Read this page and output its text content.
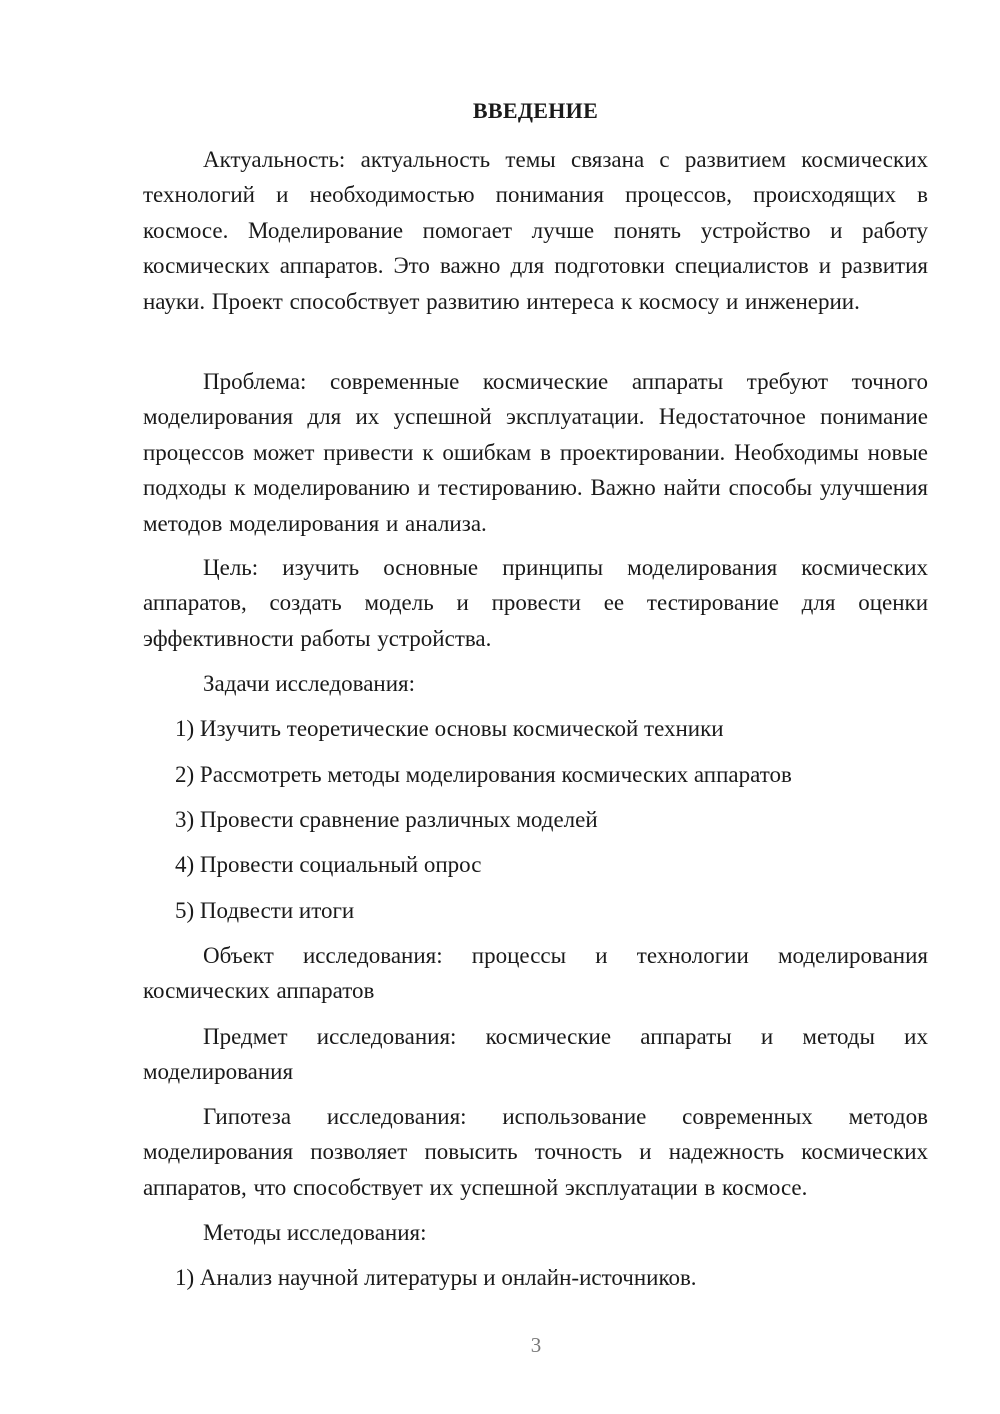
ВВЕДЕНИЕ

Актуальность: актуальность темы связана с развитием космических технологий и необходимостью понимания процессов, происходящих в космосе. Моделирование помогает лучше понять устройство и работу космических аппаратов. Это важно для подготовки специалистов и развития науки. Проект способствует развитию интереса к космосу и инженерии.

Проблема: современные космические аппараты требуют точного моделирования для их успешной эксплуатации. Недостаточное понимание процессов может привести к ошибкам в проектировании. Необходимы новые подходы к моделированию и тестированию. Важно найти способы улучшения методов моделирования и анализа.

Цель: изучить основные принципы моделирования космических аппаратов, создать модель и провести ее тестирование для оценки эффективности работы устройства.

Задачи исследования:

1) Изучить теоретические основы космической техники

2) Рассмотреть методы моделирования космических аппаратов

3) Провести сравнение различных моделей

4) Провести социальный опрос

5) Подвести итоги

Объект исследования: процессы и технологии моделирования космических аппаратов

Предмет исследования: космические аппараты и методы их моделирования

Гипотеза исследования: использование современных методов моделирования позволяет повысить точность и надежность космических аппаратов, что способствует их успешной эксплуатации в космосе.

Методы исследования:

1) Анализ научной литературы и онлайн-источников.

3
